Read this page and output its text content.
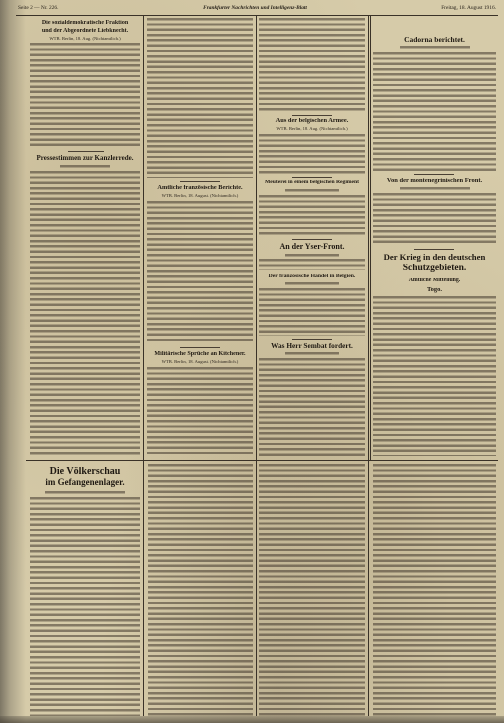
Seite 2 — Nr. 226.	Frankfurter Nachrichten und Intelligenz-Blatt	Freitag, 18. August 1916.
Die sozialdemokratische Fraktion
und der Abgeordnete Liebknecht.
WTB. Berlin, 18. Aug. (Nichtamtlich.)
Pressestimmen zur Kanzlerrede.
Amtliche französische Berichte.
WTB. Berlin, 18. August. (Nichtamtlich.)
Militärische Sprüche an Kitchener.
WTB. Berlin, 18. August. (Nichtamtlich.)
Aus der belgischen Armee.
WTB. Berlin, 18. Aug. (Nichtamtlich.)
Meuterei in einem belgischen Regiment
An der Yser-Front.
Der französische Handel in Belgien.
Was Herr Sembat fordert.
Cadorna berichtet.
Von der montenegrinischen Front.
Der Krieg in den deutschen
Schutzgebieten.
Amtliche Mitteilung.
Togo.
Die Völkerschau
im Gefangenenlager.
